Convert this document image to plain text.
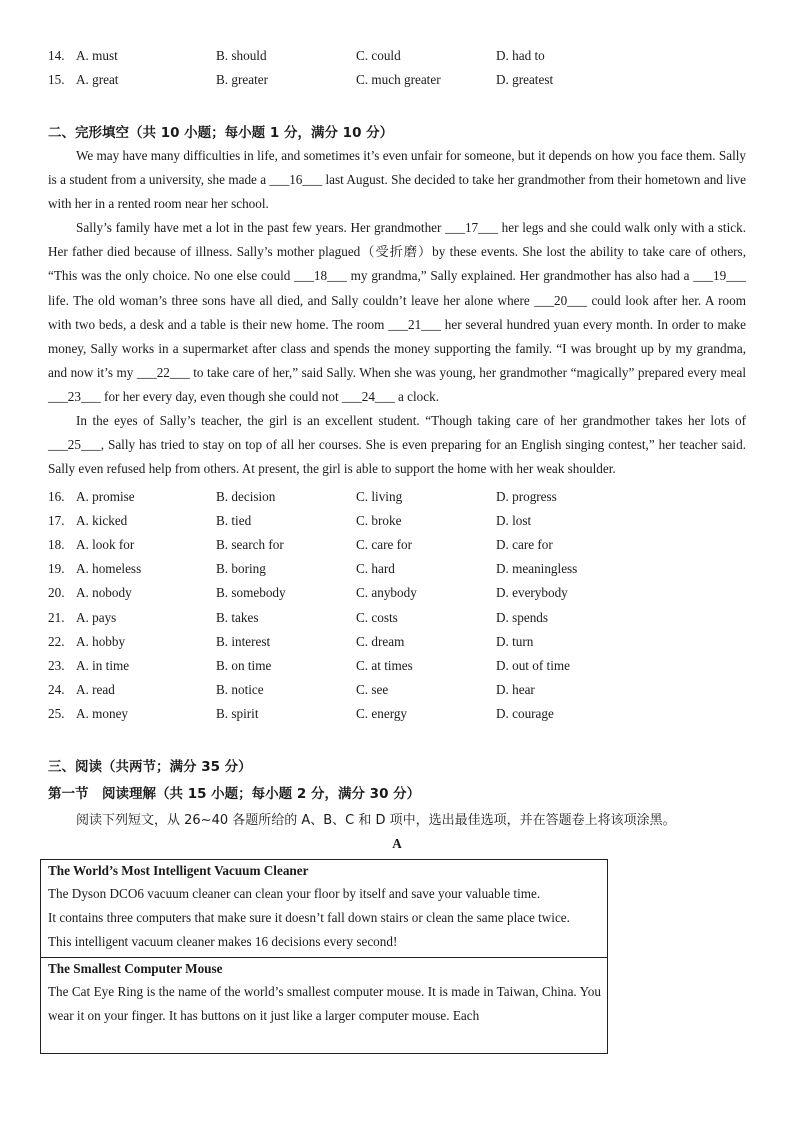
14. A. must	B. should	C. could	D. had to
15. A. great	B. greater	C. much greater	D. greatest
二、完形填空（共 10 小题；每小题 1 分，满分 10 分）

We may have many difficulties in life, and sometimes it’s even unfair for someone, but it depends on how you face them. Sally is a student from a university, she made a ___16___ last August. She decided to take her grandmother from their hometown and live with her in a rented room near her school.

Sally’s family have met a lot in the past few years. Her grandmother ___17___ her legs and she could walk only with a stick. Her father died because of illness. Sally’s mother plagued（受折磨）by these events. She lost the ability to take care of others, “This was the only choice. No one else could ___18___ my grandma,” Sally explained. Her grandmother has also had a ___19___ life. The old woman’s three sons have all died, and Sally couldn’t leave her alone where ___20___ could look after her. A room with two beds, a desk and a table is their new home. The room ___21___ her several hundred yuan every month. In order to make money, Sally works in a supermarket after class and spends the money supporting the family. “I was brought up by my grandma, and now it’s my ___22___ to take care of her,” said Sally. When she was young, her grandmother “magically” prepared every meal ___23___ for her every day, even though she could not ___24___ a clock.

In the eyes of Sally’s teacher, the girl is an excellent student. “Though taking care of her grandmother takes her lots of ___25___, Sally has tried to stay on top of all her courses. She is even preparing for an English singing contest,” her teacher said. Sally even refused help from others. At present, the girl is able to support the home with her weak shoulder.

16. A. promise	B. decision	C. living	D. progress
17. A. kicked	B. tied	C. broke	D. lost
18. A. look for	B. search for	C. care for	D. care for
19. A. homeless	B. boring	C. hard	D. meaningless
20. A. nobody	B. somebody	C. anybody	D. everybody
21. A. pays	B. takes	C. costs	D. spends
22. A. hobby	B. interest	C. dream	D. turn
23. A. in time	B. on time	C. at times	D. out of time
24. A. read	B. notice	C. see	D. hear
25. A. money	B. spirit	C. energy	D. courage
三、阅读（共两节；满分 35 分）
第一节　阅读理解（共 15 小题；每小题 2 分，满分 30 分）
阅读下列短文，从 26~40 各题所给的 A、B、C 和 D 项中，选出最佳选项，并在答题卷上将该项涂黑。
A
The World’s Most Intelligent Vacuum Cleaner
The Dyson DCO6 vacuum cleaner can clean your floor by itself and save your valuable time.
It contains three computers that make sure it doesn’t fall down stairs or clean the same place twice.
This intelligent vacuum cleaner makes 16 decisions every second!
The Smallest Computer Mouse
The Cat Eye Ring is the name of the world’s smallest computer mouse. It is made in Taiwan, China. You wear it on your finger. It has buttons on it just like a larger computer mouse. Each
